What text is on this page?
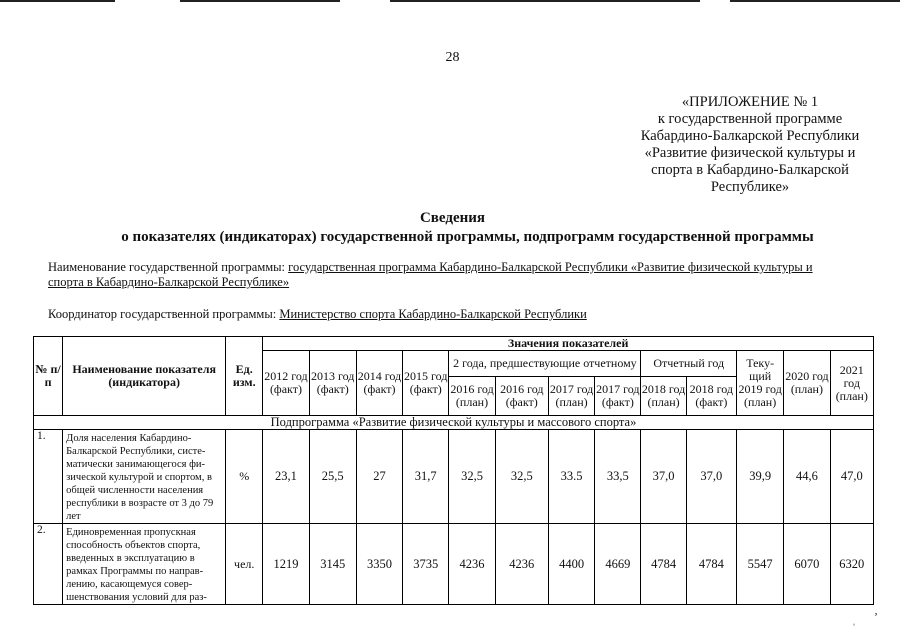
28
«ПРИЛОЖЕНИЕ № 1
к государственной программе
Кабардино-Балкарской Республики
«Развитие физической культуры и
спорта в Кабардино-Балкарской
Республике»
Сведения
о показателях (индикаторах) государственной программы, подпрограмм государственной программы
Наименование государственной программы: государственная программа Кабардино-Балкарской Республики «Развитие физической культуры и спорта в Кабардино-Балкарской Республике»
Координатор государственной программы: Министерство спорта Кабардино-Балкарской Республики
№ п/п	Наименование показателя (индикатора)	Ед. изм.	Значения показателей												
			2012 год (факт)	2013 год (факт)	2014 год (факт)	2015 год (факт)	2 года, предшествующие отчетному				Отчетный год		Теку-щий 2019 год (план)	2020 год (план)	2021 год (план)
							2016 год (план)	2016 год (факт)	2017 год (план)	2017 год (факт)	2018 год (план)	2018 год (факт)			
Подпрограмма «Развитие физической культуры и массового спорта»															
1.	Доля населения Кабардино-Балкарской Республики, систе-матически занимающегося фи-зической культурой и спортом, в общей численности населения республики в возрасте от 3 до 79 лет	%	23,1	25,5	27	31,7	32,5	32,5	33.5	33,5	37,0	37,0	39,9	44,6	47,0
2.	Единовременная пропускная способность объектов спорта, введенных в эксплуатацию в рамках Программы по направ-лению, касающемуся совер-шенствования условий для раз-	чел.	1219	3145	3350	3735	4236	4236	4400	4669	4784	4784	5547	6070	6320
ˌ ʼ
